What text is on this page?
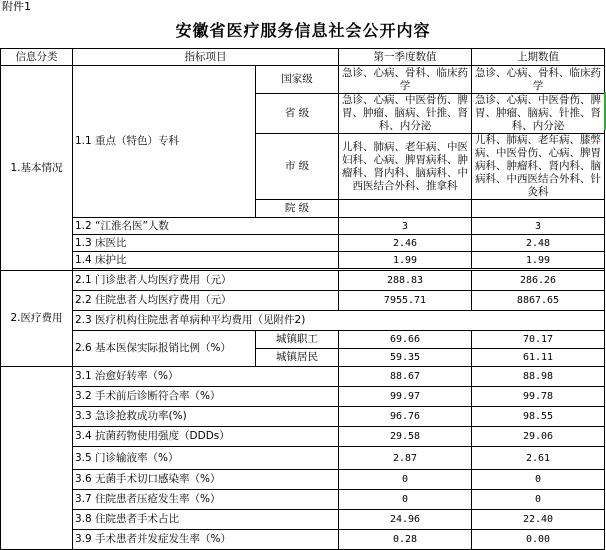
附件1
安徽省医疗服务信息社会公开内容
信息分类	指标项目		第一季度数值	上期数值
1.基本情况	1.1 重点（特色）专科	国家级	急诊、心病、骨科、临床药学	急诊、心病、骨科、临床药学
		省 级	急诊、心病、中医骨伤、脾胃、肿瘤、脑病、针推、肾科、内分泌	急诊、心病、中医骨伤、脾胃、肿瘤、脑病、针推、肾科、内分泌
		市 级	儿科、肺病、老年病、中医妇科、心病、脾胃病科、肿瘤科、肾内科、脑病科、中西医结合外科、推拿科	儿科、肺病、老年病、膝弊病、中医骨伤、心病、脾胃病科、肿瘤科、肾内科、脑病科、中西医结合外科、针灸科
		院 级		
	1.2 “江淮名医”人数		3	3
	1.3 床医比		2.46	2.48
	1.4 床护比		1.99	1.99

2.医疗费用	2.1 门诊患者人均医疗费用（元）		288.83	286.26
	2.2 住院患者人均医疗费用（元）		7955.71	8867.65
	2.3 医疗机构住院患者单病种平均费用（见附件2)			
	2.6 基本医保实际报销比例（%）	城镇职工	69.66	70.17
		城镇居民	59.35	61.11
	3.1 治愈好转率（%）		88.67	88.98
	3.2 手术前后诊断符合率（%）		99.97	99.78
	3.3 急诊抢救成功率(%)		96.76	98.55
	3.4 抗菌药物使用强度（DDDs）		29.58	29.06
	3.5 门诊输液率（%）		2.87	2.61
	3.6 无菌手术切口感染率（%）		0	0
	3.7 住院患者压疮发生率（%）		0	0
	3.8 住院患者手术占比		24.96	22.40
	3.9 手术患者并发症发生率（%）		0.28	0.00
